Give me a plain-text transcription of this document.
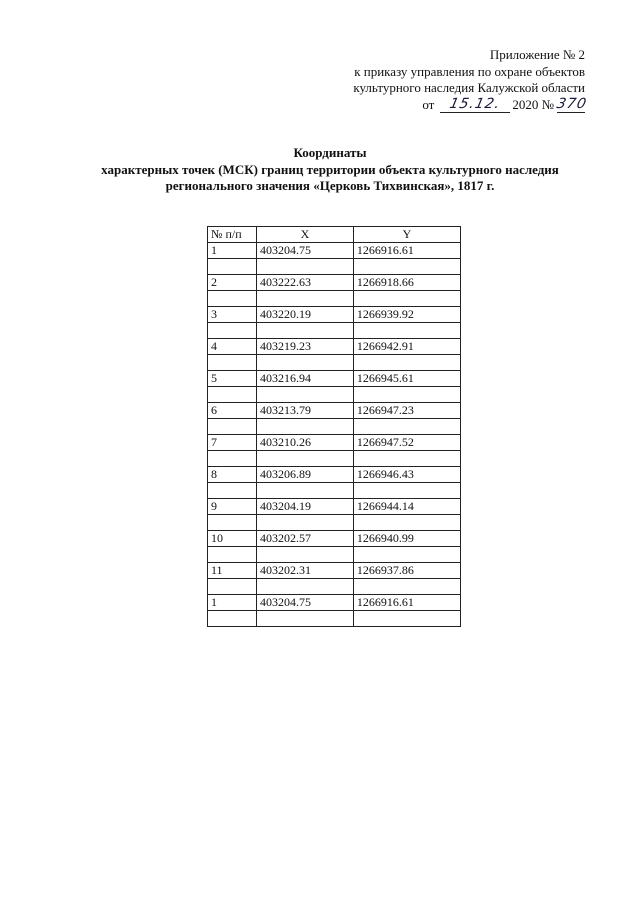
Приложение № 2
к приказу управления по охране объектов
культурного наследия Калужской области
от	15.12. 2020 № 370
Координаты
характерных точек (МСК) границ территории объекта культурного наследия
регионального значения «Церковь Тихвинская», 1817 г.
№ п/п	X	Y
1	403204.75	1266916.61

2	403222.63	1266918.66

3	403220.19	1266939.92

4	403219.23	1266942.91

5	403216.94	1266945.61

6	403213.79	1266947.23

7	403210.26	1266947.52

8	403206.89	1266946.43

9	403204.19	1266944.14

10	403202.57	1266940.99

11	403202.31	1266937.86

1	403204.75	1266916.61
